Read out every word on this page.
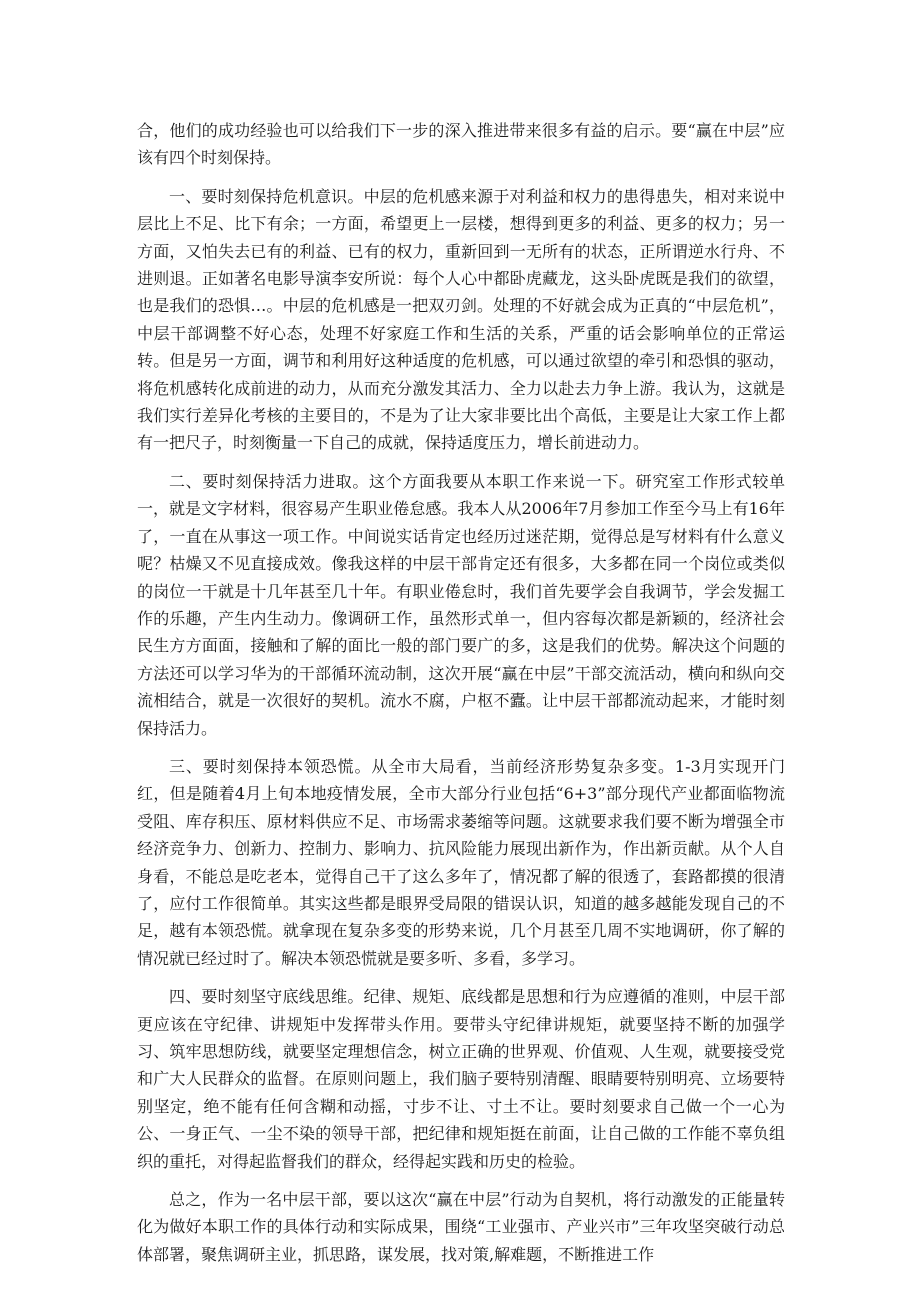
合，他们的成功经验也可以给我们下一步的深入推进带来很多有益的启示。要“赢在中层”应该有四个时刻保持。

一、要时刻保持危机意识。中层的危机感来源于对利益和权力的患得患失，相对来说中层比上不足、比下有余；一方面，希望更上一层楼，想得到更多的利益、更多的权力；另一方面，又怕失去已有的利益、已有的权力，重新回到一无所有的状态，正所谓逆水行舟、不进则退。正如著名电影导演李安所说：每个人心中都卧虎藏龙，这头卧虎既是我们的欲望，也是我们的恐惧…。中层的危机感是一把双刃剑。处理的不好就会成为正真的“中层危机”，中层干部调整不好心态，处理不好家庭工作和生活的关系，严重的话会影响单位的正常运转。但是另一方面，调节和利用好这种适度的危机感，可以通过欲望的牵引和恐惧的驱动，将危机感转化成前进的动力，从而充分激发其活力、全力以赴去力争上游。我认为，这就是我们实行差异化考核的主要目的，不是为了让大家非要比出个高低，主要是让大家工作上都有一把尺子，时刻衡量一下自己的成就，保持适度压力，增长前进动力。

二、要时刻保持活力进取。这个方面我要从本职工作来说一下。研究室工作形式较单一，就是文字材料，很容易产生职业倦怠感。我本人从2006年7月参加工作至今马上有16年了，一直在从事这一项工作。中间说实话肯定也经历过迷茫期，觉得总是写材料有什么意义呢？枯燥又不见直接成效。像我这样的中层干部肯定还有很多，大多都在同一个岗位或类似的岗位一干就是十几年甚至几十年。有职业倦怠时，我们首先要学会自我调节，学会发掘工作的乐趣，产生内生动力。像调研工作，虽然形式单一，但内容每次都是新颖的，经济社会民生方方面面，接触和了解的面比一般的部门要广的多，这是我们的优势。解决这个问题的方法还可以学习华为的干部循环流动制，这次开展“赢在中层”干部交流活动，横向和纵向交流相结合，就是一次很好的契机。流水不腐，户枢不蠹。让中层干部都流动起来，才能时刻保持活力。

三、要时刻保持本领恐慌。从全市大局看，当前经济形势复杂多变。1-3月实现开门红，但是随着4月上旬本地疫情发展，全市大部分行业包括“6+3”部分现代产业都面临物流受阻、库存积压、原材料供应不足、市场需求萎缩等问题。这就要求我们要不断为增强全市经济竞争力、创新力、控制力、影响力、抗风险能力展现出新作为，作出新贡献。从个人自身看，不能总是吃老本，觉得自己干了这么多年了，情况都了解的很透了，套路都摸的很清了，应付工作很简单。其实这些都是眼界受局限的错误认识，知道的越多越能发现自己的不足，越有本领恐慌。就拿现在复杂多变的形势来说，几个月甚至几周不实地调研，你了解的情况就已经过时了。解决本领恐慌就是要多听、多看，多学习。

四、要时刻坚守底线思维。纪律、规矩、底线都是思想和行为应遵循的准则，中层干部更应该在守纪律、讲规矩中发挥带头作用。要带头守纪律讲规矩，就要坚持不断的加强学习、筑牢思想防线，就要坚定理想信念，树立正确的世界观、价值观、人生观，就要接受党和广大人民群众的监督。在原则问题上，我们脑子要特别清醒、眼睛要特别明亮、立场要特别坚定，绝不能有任何含糊和动摇，寸步不让、寸土不让。要时刻要求自己做一个一心为公、一身正气、一尘不染的领导干部，把纪律和规矩挺在前面，让自己做的工作能不辜负组织的重托，对得起监督我们的群众，经得起实践和历史的检验。

总之，作为一名中层干部，要以这次“赢在中层”行动为自契机，将行动激发的正能量转化为做好本职工作的具体行动和实际成果，围绕“工业强市、产业兴市”三年攻坚突破行动总体部署，聚焦调研主业，抓思路，谋发展，找对策,解难题，不断推进工作
